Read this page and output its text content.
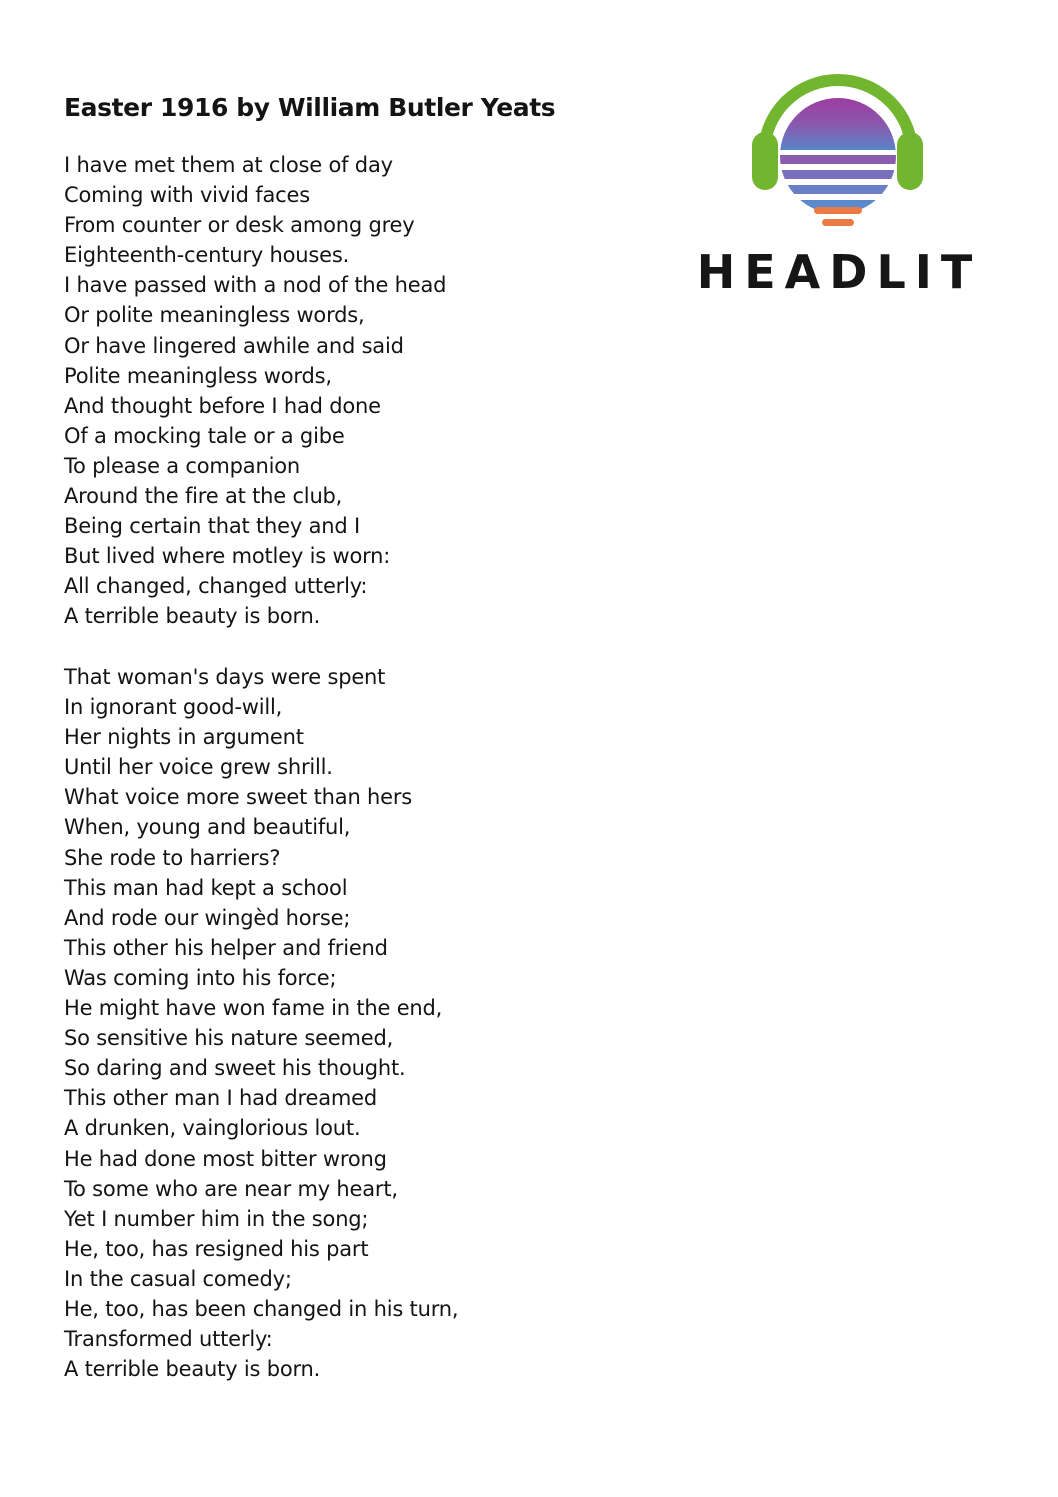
Easter 1916 by William Butler Yeats
I have met them at close of day
Coming with vivid faces
From counter or desk among grey
Eighteenth-century houses.
I have passed with a nod of the head
Or polite meaningless words,
Or have lingered awhile and said
Polite meaningless words,
And thought before I had done
Of a mocking tale or a gibe
To please a companion
Around the fire at the club,
Being certain that they and I
But lived where motley is worn:
All changed, changed utterly:
A terrible beauty is born.
That woman's days were spent
In ignorant good-will,
Her nights in argument
Until her voice grew shrill.
What voice more sweet than hers
When, young and beautiful,
She rode to harriers?
This man had kept a school
And rode our wingèd horse;
This other his helper and friend
Was coming into his force;
He might have won fame in the end,
So sensitive his nature seemed,
So daring and sweet his thought.
This other man I had dreamed
A drunken, vainglorious lout.
He had done most bitter wrong
To some who are near my heart,
Yet I number him in the song;
He, too, has resigned his part
In the casual comedy;
He, too, has been changed in his turn,
Transformed utterly:
A terrible beauty is born.
HEADLIT
